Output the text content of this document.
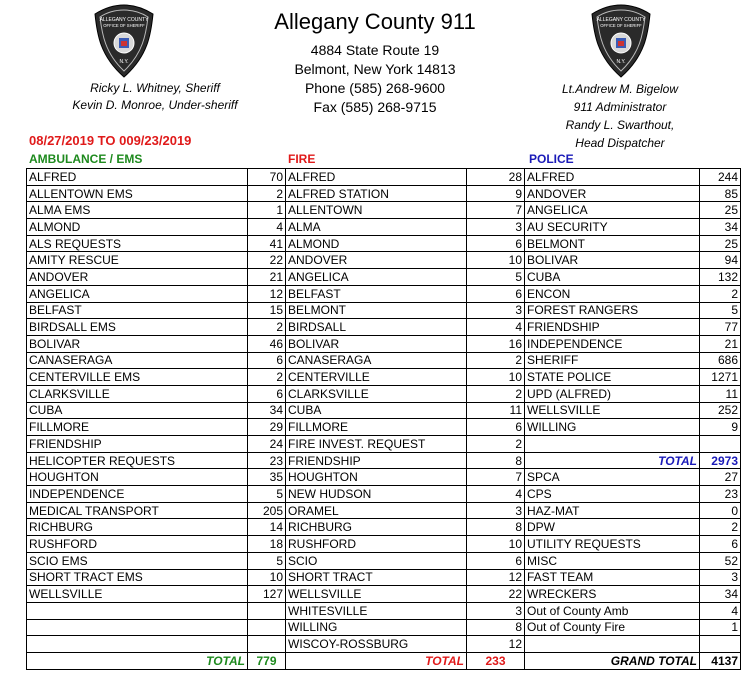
ALLEGANY COUNTY
OFFICE OF SHERIFF
N.Y.
ALLEGANY COUNTY
OFFICE OF SHERIFF
N.Y.
Allegany County 911
4884 State Route 19
Belmont, New York 14813
Phone (585) 268-9600
Fax (585) 268-9715
Ricky L. Whitney, Sheriff
Kevin D. Monroe, Under-sheriff
Lt.Andrew M. Bigelow
911 Administrator
Randy L. Swarthout,
Head Dispatcher
08/27/2019 TO 009/23/2019
AMBULANCE / EMS	FIRE	POLICE
ALFRED	70	ALFRED	28	ALFRED	244
ALLENTOWN EMS	2	ALFRED STATION	9	ANDOVER	85
ALMA EMS	1	ALLENTOWN	7	ANGELICA	25
ALMOND	4	ALMA	3	AU SECURITY	34
ALS REQUESTS	41	ALMOND	6	BELMONT	25
AMITY RESCUE	22	ANDOVER	10	BOLIVAR	94
ANDOVER	21	ANGELICA	5	CUBA	132
ANGELICA	12	BELFAST	6	ENCON	2
BELFAST	15	BELMONT	3	FOREST RANGERS	5
BIRDSALL EMS	2	BIRDSALL	4	FRIENDSHIP	77
BOLIVAR	46	BOLIVAR	16	INDEPENDENCE	21
CANASERAGA	6	CANASERAGA	2	SHERIFF	686
CENTERVILLE EMS	2	CENTERVILLE	10	STATE POLICE	1271
CLARKSVILLE	6	CLARKSVILLE	2	UPD (ALFRED)	11
CUBA	34	CUBA	11	WELLSVILLE	252
FILLMORE	29	FILLMORE	6	WILLING	9
FRIENDSHIP	24	FIRE INVEST. REQUEST	2		
HELICOPTER REQUESTS	23	FRIENDSHIP	8	TOTAL	2973
HOUGHTON	35	HOUGHTON	7	SPCA	27
INDEPENDENCE	5	NEW HUDSON	4	CPS	23
MEDICAL TRANSPORT	205	ORAMEL	3	HAZ-MAT	0
RICHBURG	14	RICHBURG	8	DPW	2
RUSHFORD	18	RUSHFORD	10	UTILITY REQUESTS	6
SCIO EMS	5	SCIO	6	MISC	52
SHORT TRACT EMS	10	SHORT TRACT	12	FAST TEAM	3
WELLSVILLE	127	WELLSVILLE	22	WRECKERS	34
		WHITESVILLE	3	Out of County Amb	4
		WILLING	8	Out of County Fire	1
		WISCOY-ROSSBURG	12		
TOTAL	779	TOTAL	233	GRAND TOTAL	4137
